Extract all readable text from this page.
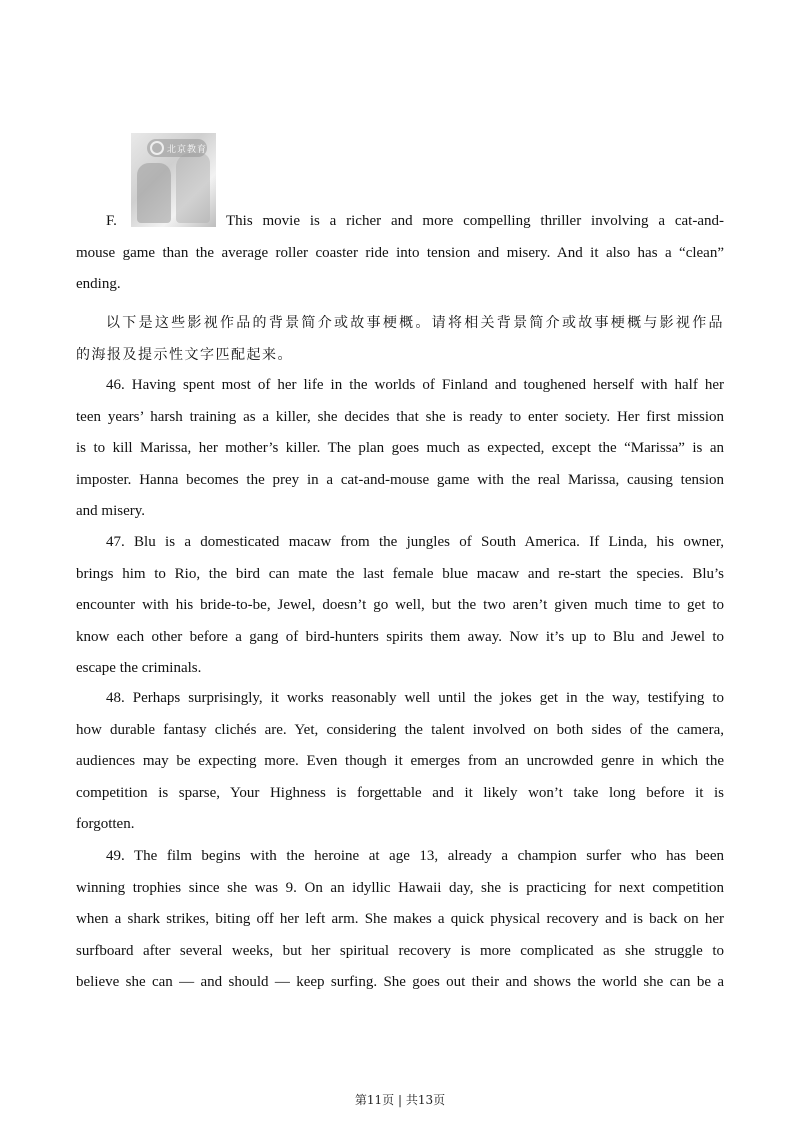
北京教育
F.	This movie is a richer and more compelling thriller involving a cat-and-

mouse game than the average roller coaster ride into tension and misery. And it also has a “clean”
ending.
以下是这些影视作品的背景简介或故事梗概。请将相关背景简介或故事梗概与影视作品
的海报及提示性文字匹配起来。
46. Having spent most of her life in the worlds of Finland and toughened herself with half her
teen years’ harsh training as a killer, she decides that she is ready to enter society. Her first mission
is to kill Marissa, her mother’s killer. The plan goes much as expected, except the “Marissa” is an
imposter. Hanna becomes the prey in a cat-and-mouse game with the real Marissa, causing tension
and misery.
47. Blu is a domesticated macaw from the jungles of South America. If Linda, his owner,
brings him to Rio, the bird can mate the last female blue macaw and re-start the species. Blu’s
encounter with his bride-to-be, Jewel, doesn’t go well, but the two aren’t given much time to get to
know each other before a gang of bird-hunters spirits them away. Now it’s up to Blu and Jewel to
escape the criminals.
48. Perhaps surprisingly, it works reasonably well until the jokes get in the way, testifying to
how durable fantasy clichés are. Yet, considering the talent involved on both sides of the camera,
audiences may be expecting more. Even though it emerges from an uncrowded genre in which the
competition is sparse, Your Highness is forgettable and it likely won’t take long before it is
forgotten.
49. The film begins with the heroine at age 13, already a champion surfer who has been
winning trophies since she was 9. On an idyllic Hawaii day, she is practicing for next competition
when a shark strikes, biting off her left arm. She makes a quick physical recovery and is back on her
surfboard after several weeks, but her spiritual recovery is more complicated as she struggle to
believe she can — and should — keep surfing. She goes out their and shows the world she can be a
第11页 | 共13页
